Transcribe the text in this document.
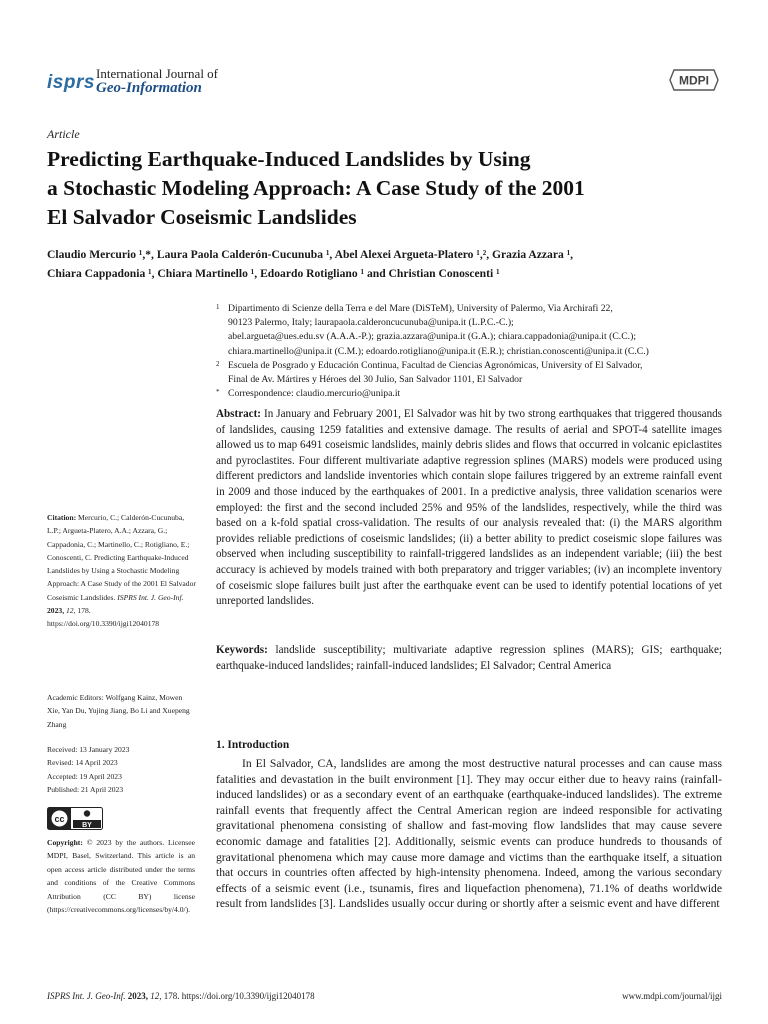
isprs International Journal of
Geo-Information	MDPI
Article
Predicting Earthquake-Induced Landslides by Using
a Stochastic Modeling Approach: A Case Study of the 2001
El Salvador Coseismic Landslides
Claudio Mercurio ¹,*, Laura Paola Calderón-Cucunuba ¹, Abel Alexei Argueta-Platero ¹,², Grazia Azzara ¹,
Chiara Cappadonia ¹, Chiara Martinello ¹, Edoardo Rotigliano ¹ and Christian Conoscenti ¹
1 Dipartimento di Scienze della Terra e del Mare (DiSTeM), University of Palermo, Via Archirafi 22,
90123 Palermo, Italy; laurapaola.calderoncucunuba@unipa.it (L.P.C.-C.);
abel.argueta@ues.edu.sv (A.A.A.-P.); grazia.azzara@unipa.it (G.A.); chiara.cappadonia@unipa.it (C.C.);
chiara.martinello@unipa.it (C.M.); edoardo.rotigliano@unipa.it (E.R.); christian.conoscenti@unipa.it (C.C.)
2 Escuela de Posgrado y Educación Continua, Facultad de Ciencias Agronómicas, University of El Salvador,
Final de Av. Mártires y Héroes del 30 Julio, San Salvador 1101, El Salvador
* Correspondence: claudio.mercurio@unipa.it
Abstract: In January and February 2001, El Salvador was hit by two strong earthquakes that triggered thousands of landslides, causing 1259 fatalities and extensive damage. The results of aerial and SPOT-4 satellite images allowed us to map 6491 coseismic landslides, mainly debris slides and flows that occurred in volcanic epiclastites and pyroclastites. Four different multivariate adaptive regression splines (MARS) models were produced using different predictors and landslide inventories which contain slope failures triggered by an extreme rainfall event in 2009 and those induced by the earthquakes of 2001. In a predictive analysis, three validation scenarios were employed: the first and the second included 25% and 95% of the landslides, respectively, while the third was based on a k-fold spatial cross-validation. The results of our analysis revealed that: (i) the MARS algorithm provides reliable predictions of coseismic landslides; (ii) a better ability to predict coseismic slope failures was observed when including susceptibility to rainfall-triggered landslides as an independent variable; (iii) the best accuracy is achieved by models trained with both preparatory and trigger variables; (iv) an incomplete inventory of coseismic slope failures built just after the earthquake event can be used to identify potential locations of yet unreported landslides.
Keywords: landslide susceptibility; multivariate adaptive regression splines (MARS); GIS; earthquake; earthquake-induced landslides; rainfall-induced landslides; El Salvador; Central America
Citation: Mercurio, C.; Calderón-Cucunuba, L.P.; Argueta-Platero, A.A.; Azzara, G.; Cappadonia, C.; Martinello, C.; Rotigliano, E.; Conoscenti, C. Predicting Earthquake-Induced Landslides by Using a Stochastic Modeling Approach: A Case Study of the 2001 El Salvador Coseismic Landslides. ISPRS Int. J. Geo-Inf. 2023, 12, 178. https://doi.org/10.3390/ijgi12040178
Academic Editors: Wolfgang Kainz, Mowen Xie, Yan Du, Yujing Jiang, Bo Li and Xuepeng Zhang
Received: 13 January 2023
Revised: 14 April 2023
Accepted: 19 April 2023
Published: 21 April 2023
cc
BY
Copyright: © 2023 by the authors. Licensee MDPI, Basel, Switzerland. This article is an open access article distributed under the terms and conditions of the Creative Commons Attribution (CC BY) license (https://creativecommons.org/licenses/by/4.0/).
1. Introduction

In El Salvador, CA, landslides are among the most destructive natural processes and can cause mass fatalities and devastation in the built environment [1]. They may occur either due to heavy rains (rainfall-induced landslides) or as a secondary event of an earthquake (earthquake-induced landslides). The extreme rainfall events that frequently affect the Central American region are indeed responsible for activating gravitational phenomena consisting of shallow and fast-moving flow landslides that may cause severe economic damage and fatalities [2]. Additionally, seismic events can produce hundreds to thousands of gravitational phenomena which may cause more damage and victims than the earthquake itself, a situation that occurs in countries often affected by high-intensity phenomena. Indeed, among the various secondary effects of a seismic event (i.e., tsunamis, fires and liquefaction phenomena), 71.1% of deaths worldwide result from landslides [3]. Landslides usually occur during or shortly after a seismic event and have different

ISPRS Int. J. Geo-Inf. 2023, 12, 178. https://doi.org/10.3390/ijgi12040178	www.mdpi.com/journal/ijgi
